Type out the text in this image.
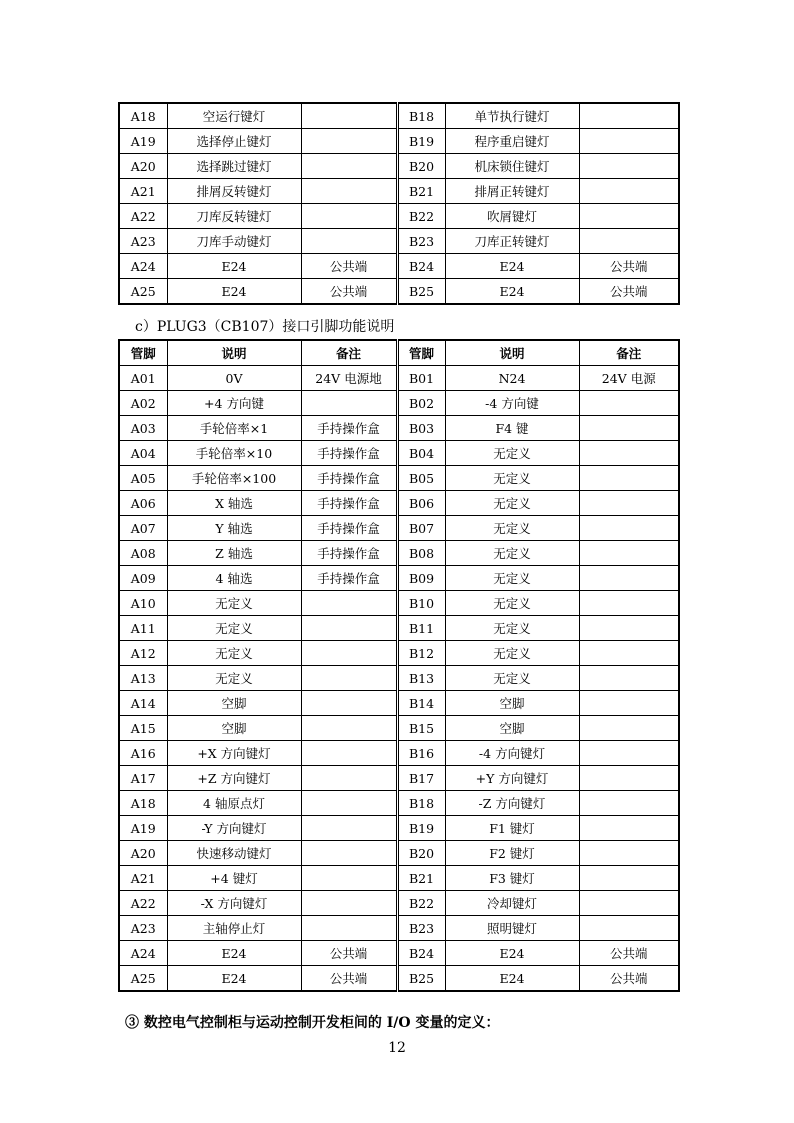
A18	空运行键灯		B18	单节执行键灯	
A19	选择停止键灯		B19	程序重启键灯	
A20	选择跳过键灯		B20	机床锁住键灯	
A21	排屑反转键灯		B21	排屑正转键灯	
A22	刀库反转键灯		B22	吹屑键灯	
A23	刀库手动键灯		B23	刀库正转键灯	
A24	E24	公共端	B24	E24	公共端
A25	E24	公共端	B25	E24	公共端
c）PLUG3（CB107）接口引脚功能说明
管脚	说明	备注	管脚	说明	备注
A01	0V	24V 电源地	B01	N24	24V 电源
A02	+4 方向键		B02	-4 方向键	
A03	手轮倍率×1	手持操作盒	B03	F4 键	
A04	手轮倍率×10	手持操作盒	B04	无定义	
A05	手轮倍率×100	手持操作盒	B05	无定义	
A06	X 轴选	手持操作盒	B06	无定义	
A07	Y 轴选	手持操作盒	B07	无定义	
A08	Z 轴选	手持操作盒	B08	无定义	
A09	4 轴选	手持操作盒	B09	无定义	
A10	无定义		B10	无定义	
A11	无定义		B11	无定义	
A12	无定义		B12	无定义	
A13	无定义		B13	无定义	
A14	空脚		B14	空脚	
A15	空脚		B15	空脚	
A16	+X 方向键灯		B16	-4 方向键灯	
A17	+Z 方向键灯		B17	+Y 方向键灯	
A18	4 轴原点灯		B18	-Z 方向键灯	
A19	-Y 方向键灯		B19	F1 键灯	
A20	快速移动键灯		B20	F2 键灯	
A21	+4 键灯		B21	F3 键灯	
A22	-X 方向键灯		B22	冷却键灯	
A23	主轴停止灯		B23	照明键灯	
A24	E24	公共端	B24	E24	公共端
A25	E24	公共端	B25	E24	公共端
③ 数控电气控制柜与运动控制开发柜间的 I/O 变量的定义：
12
